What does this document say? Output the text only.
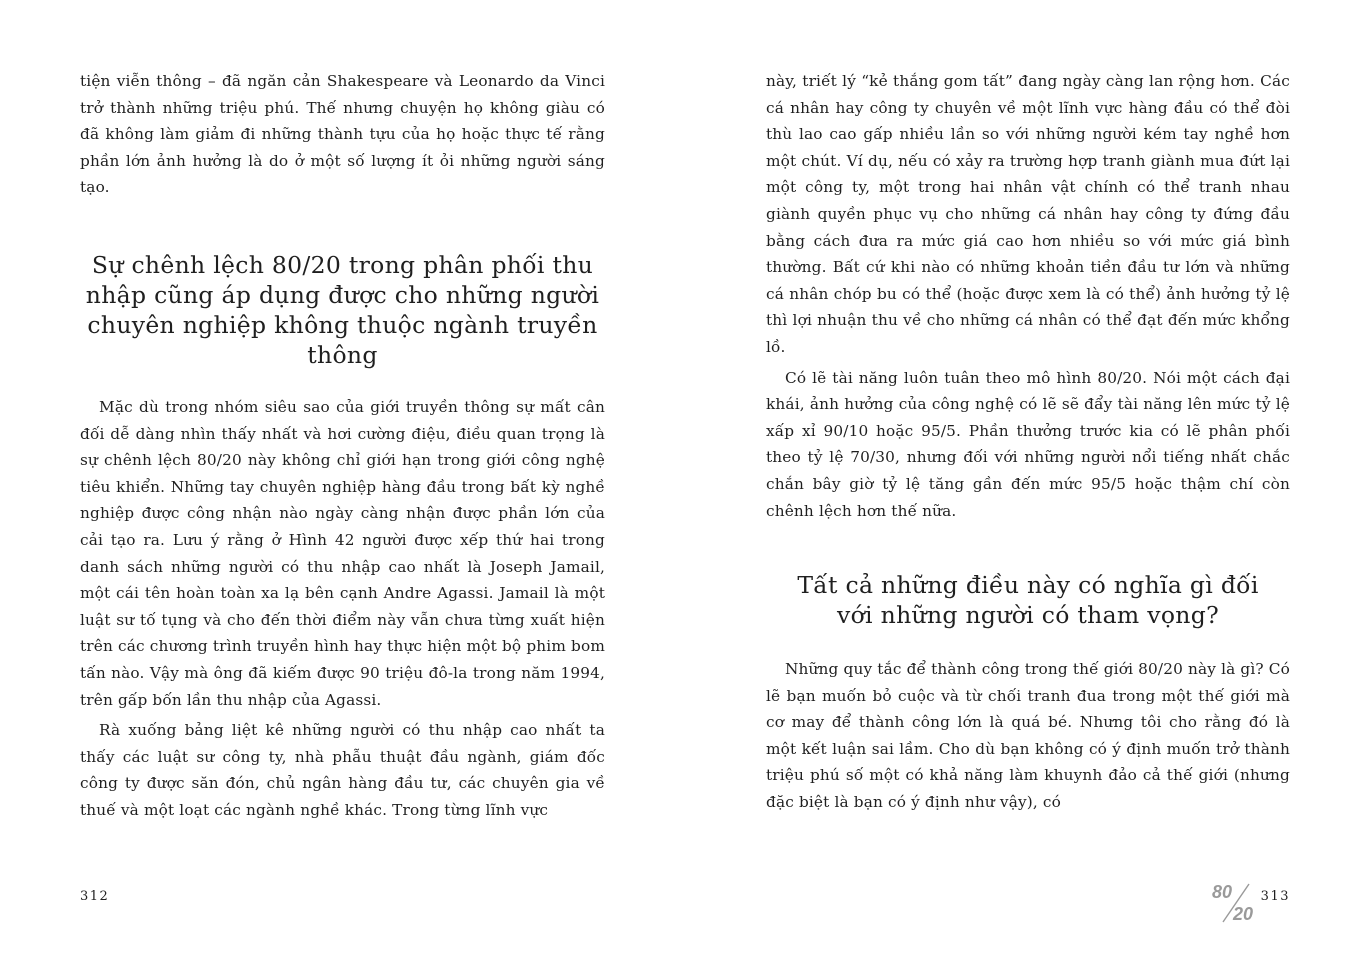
tiện viễn thông – đã ngăn cản Shakespeare và Leonardo da Vinci trở thành những triệu phú. Thế nhưng chuyện họ không giàu có đã không làm giảm đi những thành tựu của họ hoặc thực tế rằng phần lớn ảnh hưởng là do ở một số lượng ít ỏi những người sáng tạo.

Sự chênh lệch 80/20 trong phân phối thu nhập cũng áp dụng được cho những người chuyên nghiệp không thuộc ngành truyền thông

Mặc dù trong nhóm siêu sao của giới truyền thông sự mất cân đối dễ dàng nhìn thấy nhất và hơi cường điệu, điều quan trọng là sự chênh lệch 80/20 này không chỉ giới hạn trong giới công nghệ tiêu khiển. Những tay chuyên nghiệp hàng đầu trong bất kỳ nghề nghiệp được công nhận nào ngày càng nhận được phần lớn của cải tạo ra. Lưu ý rằng ở Hình 42 người được xếp thứ hai trong danh sách những người có thu nhập cao nhất là Joseph Jamail, một cái tên hoàn toàn xa lạ bên cạnh Andre Agassi. Jamail là một luật sư tố tụng và cho đến thời điểm này vẫn chưa từng xuất hiện trên các chương trình truyền hình hay thực hiện một bộ phim bom tấn nào. Vậy mà ông đã kiếm được 90 triệu đô-la trong năm 1994, trên gấp bốn lần thu nhập của Agassi.

Rà xuống bảng liệt kê những người có thu nhập cao nhất ta thấy các luật sư công ty, nhà phẫu thuật đầu ngành, giám đốc công ty được săn đón, chủ ngân hàng đầu tư, các chuyên gia về thuế và một loạt các ngành nghề khác. Trong từng lĩnh vực

312

này, triết lý “kẻ thắng gom tất” đang ngày càng lan rộng hơn. Các cá nhân hay công ty chuyên về một lĩnh vực hàng đầu có thể đòi thù lao cao gấp nhiều lần so với những người kém tay nghề hơn một chút. Ví dụ, nếu có xảy ra trường hợp tranh giành mua đứt lại một công ty, một trong hai nhân vật chính có thể tranh nhau giành quyền phục vụ cho những cá nhân hay công ty đứng đầu bằng cách đưa ra mức giá cao hơn nhiều so với mức giá bình thường. Bất cứ khi nào có những khoản tiền đầu tư lớn và những cá nhân chóp bu có thể (hoặc được xem là có thể) ảnh hưởng tỷ lệ thì lợi nhuận thu về cho những cá nhân có thể đạt đến mức khổng lồ.

Có lẽ tài năng luôn tuân theo mô hình 80/20. Nói một cách đại khái, ảnh hưởng của công nghệ có lẽ sẽ đẩy tài năng lên mức tỷ lệ xấp xỉ 90/10 hoặc 95/5. Phần thưởng trước kia có lẽ phân phối theo tỷ lệ 70/30, nhưng đối với những người nổi tiếng nhất chắc chắn bây giờ tỷ lệ tăng gần đến mức 95/5 hoặc thậm chí còn chênh lệch hơn thế nữa.

Tất cả những điều này có nghĩa gì đối với những người có tham vọng?

Những quy tắc để thành công trong thế giới 80/20 này là gì? Có lẽ bạn muốn bỏ cuộc và từ chối tranh đua trong một thế giới mà cơ may để thành công lớn là quá bé. Nhưng tôi cho rằng đó là một kết luận sai lầm. Cho dù bạn không có ý định muốn trở thành triệu phú số một có khả năng làm khuynh đảo cả thế giới (nhưng đặc biệt là bạn có ý định như vậy), có

313
80
20
